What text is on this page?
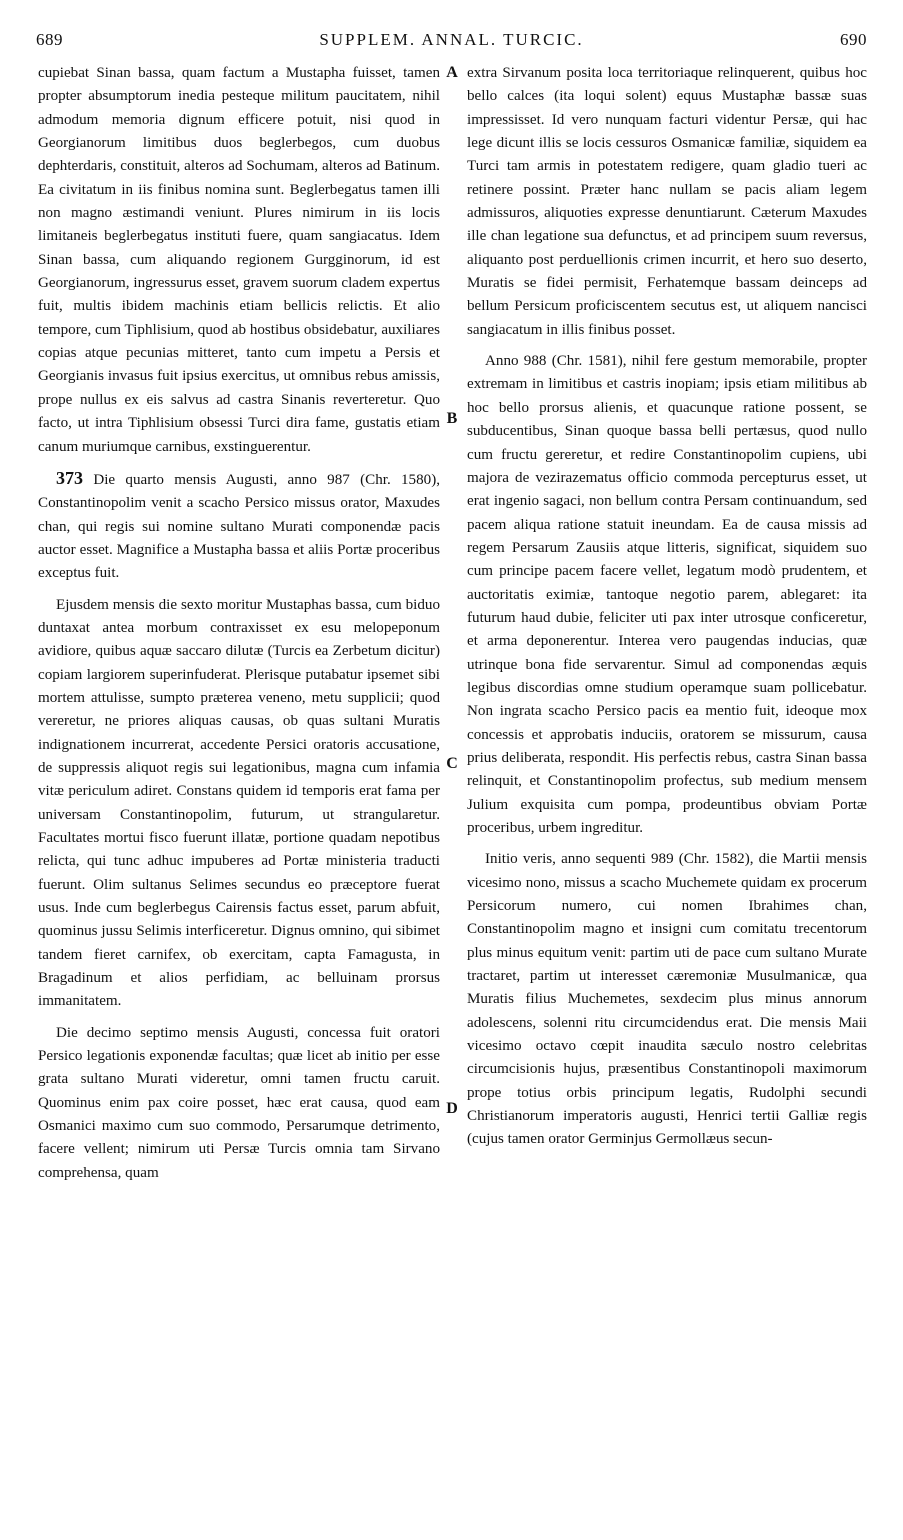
689	SUPPLEM. ANNAL. TURCIC.	690

cupiebat Sinan bassa, quam factum a Mustapha fuisset, tamen propter absumptorum inedia pesteque militum paucitatem, nihil admodum memoria dignum efficere potuit, nisi quod in Georgianorum limitibus duos beglerbegos, cum duobus dephterdaris, constituit, alteros ad Sochumam, alteros ad Batinum. Ea civitatum in iis finibus nomina sunt. Beglerbegatus tamen illi non magno æstimandi veniunt. Plures nimirum in iis locis limitaneis beglerbegatus instituti fuere, quam sangiacatus. Idem Sinan bassa, cum aliquando regionem Gurgginorum, id est Georgianorum, ingressurus esset, gravem suorum cladem expertus fuit, multis ibidem machinis etiam bellicis relictis. Et alio tempore, cum Tiphlisium, quod ab hostibus obsidebatur, auxiliares copias atque pecunias mitteret, tanto cum impetu a Persis et Georgianis invasus fuit ipsius exercitus, ut omnibus rebus amissis, prope nullus ex eis salvus ad castra Sinanis reverteretur. Quo facto, ut intra Tiphlisium obsessi Turci dira fame, gustatis etiam canum muriumque carnibus, exstinguerentur.

373 Die quarto mensis Augusti, anno 987 (Chr. 1580), Constantinopolim venit a scacho Persico missus orator, Maxudes chan, qui regis sui nomine sultano Murati componendæ pacis auctor esset. Magnifice a Mustapha bassa et aliis Portæ proceribus exceptus fuit.

Ejusdem mensis die sexto moritur Mustaphas bassa, cum biduo duntaxat antea morbum contraxisset ex esu melopeponum avidiore, quibus aquæ saccaro dilutæ (Turcis ea Zerbetum dicitur) copiam largiorem superinfuderat. Plerisque putabatur ipsemet sibi mortem attulisse, sumpto præterea veneno, metu supplicii; quod vereretur, ne priores aliquas causas, ob quas sultani Muratis indignationem incurrerat, accedente Persici oratoris accusatione, de suppressis aliquot regis sui legationibus, magna cum infamia vitæ periculum adiret. Constans quidem id temporis erat fama per universam Constantinopolim, futurum, ut strangularetur. Facultates mortui fisco fuerunt illatæ, portione quadam nepotibus relicta, qui tunc adhuc impuberes ad Portæ ministeria traducti fuerunt. Olim sultanus Selimes secundus eo præceptore fuerat usus. Inde cum beglerbegus Cairensis factus esset, parum abfuit, quominus jussu Selimis interficeretur. Dignus omnino, qui sibimet tandem fieret carnifex, ob exercitam, capta Famagusta, in Bragadinum et alios perfidiam, ac belluinam prorsus immanitatem.

Die decimo septimo mensis Augusti, concessa fuit oratori Persico legationis exponendæ facultas; quæ licet ab initio per esse grata sultano Murati videretur, omni tamen fructu caruit. Quominus enim pax coire posset, hæc erat causa, quod eam Osmanici maximo cum suo commodo, Persarumque detrimento, facere vellent; nimirum uti Persæ Turcis omnia tam Sirvano comprehensa, quam

A
B
C
D

extra Sirvanum posita loca territoriaque relinquerent, quibus hoc bello calces (ita loqui solent) equus Mustaphæ bassæ suas impressisset. Id vero nunquam facturi videntur Persæ, qui hac lege dicunt illis se locis cessuros Osmanicæ familiæ, siquidem ea Turci tam armis in potestatem redigere, quam gladio tueri ac retinere possint. Præter hanc nullam se pacis aliam legem admissuros, aliquoties expresse denuntiarunt. Cæterum Maxudes ille chan legatione sua defunctus, et ad principem suum reversus, aliquanto post perduellionis crimen incurrit, et hero suo deserto, Muratis se fidei permisit, Ferhatemque bassam deinceps ad bellum Persicum proficiscentem secutus est, ut aliquem nancisci sangiacatum in illis finibus posset.

Anno 988 (Chr. 1581), nihil fere gestum memorabile, propter extremam in limitibus et castris inopiam; ipsis etiam militibus ab hoc bello prorsus alienis, et quacunque ratione possent, se subducentibus, Sinan quoque bassa belli pertæsus, quod nullo cum fructu gereretur, et redire Constantinopolim cupiens, ubi majora de vezirazematus officio commoda percepturus esset, ut erat ingenio sagaci, non bellum contra Persam continuandum, sed pacem aliqua ratione statuit ineundam. Ea de causa missis ad regem Persarum Zausiis atque litteris, significat, siquidem suo cum principe pacem facere vellet, legatum modò prudentem, et auctoritatis eximiæ, tantoque negotio parem, ablegaret: ita futurum haud dubie, feliciter uti pax inter utrosque conficeretur, et arma deponerentur. Interea vero paugendas inducias, quæ utrinque bona fide servarentur. Simul ad componendas æquis legibus discordias omne studium operamque suam pollicebatur. Non ingrata scacho Persico pacis ea mentio fuit, ideoque mox concessis et approbatis induciis, oratorem se missurum, causa prius deliberata, respondit. His perfectis rebus, castra Sinan bassa relinquit, et Constantinopolim profectus, sub medium mensem Julium exquisita cum pompa, prodeuntibus obviam Portæ proceribus, urbem ingreditur.

Initio veris, anno sequenti 989 (Chr. 1582), die Martii mensis vicesimo nono, missus a scacho Muchemete quidam ex procerum Persicorum numero, cui nomen Ibrahimes chan, Constantinopolim magno et insigni cum comitatu trecentorum plus minus equitum venit: partim uti de pace cum sultano Murate tractaret, partim ut interesset cæremoniæ Musulmanicæ, qua Muratis filius Muchemetes, sexdecim plus minus annorum adolescens, solenni ritu circumcidendus erat. Die mensis Maii vicesimo octavo cœpit inaudita sæculo nostro celebritas circumcisionis hujus, præsentibus Constantinopoli maximorum prope totius orbis principum legatis, Rudolphi secundi Christianorum imperatoris augusti, Henrici tertii Galliæ regis (cujus tamen orator Germinjus Germollæus secun-
